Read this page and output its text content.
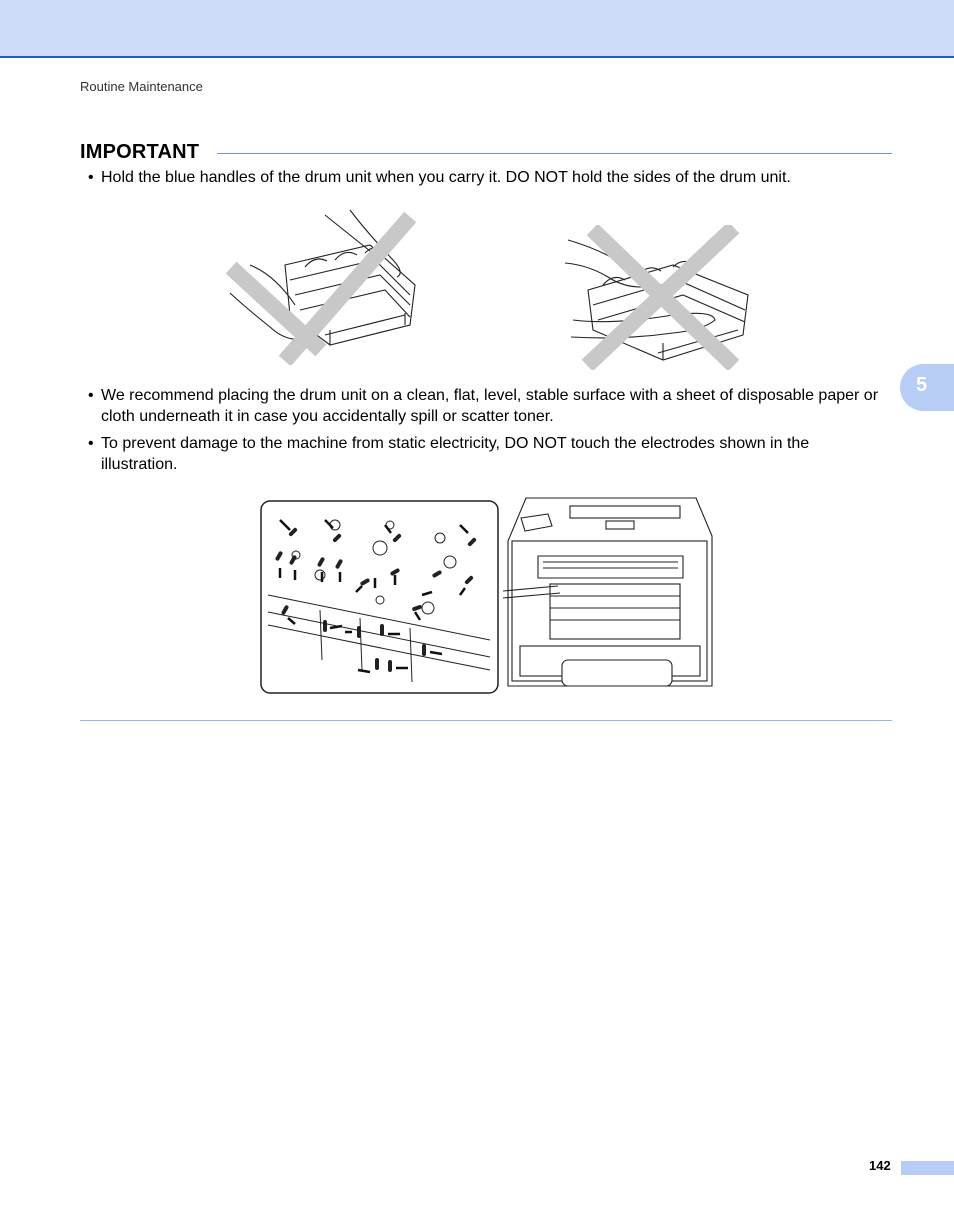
Routine Maintenance
IMPORTANT
• Hold the blue handles of the drum unit when you carry it. DO NOT hold the sides of the drum unit.
5
• We recommend placing the drum unit on a clean, flat, level, stable surface with a sheet of disposable paper or cloth underneath it in case you accidentally spill or scatter toner.
• To prevent damage to the machine from static electricity, DO NOT touch the electrodes shown in the illustration.
142
